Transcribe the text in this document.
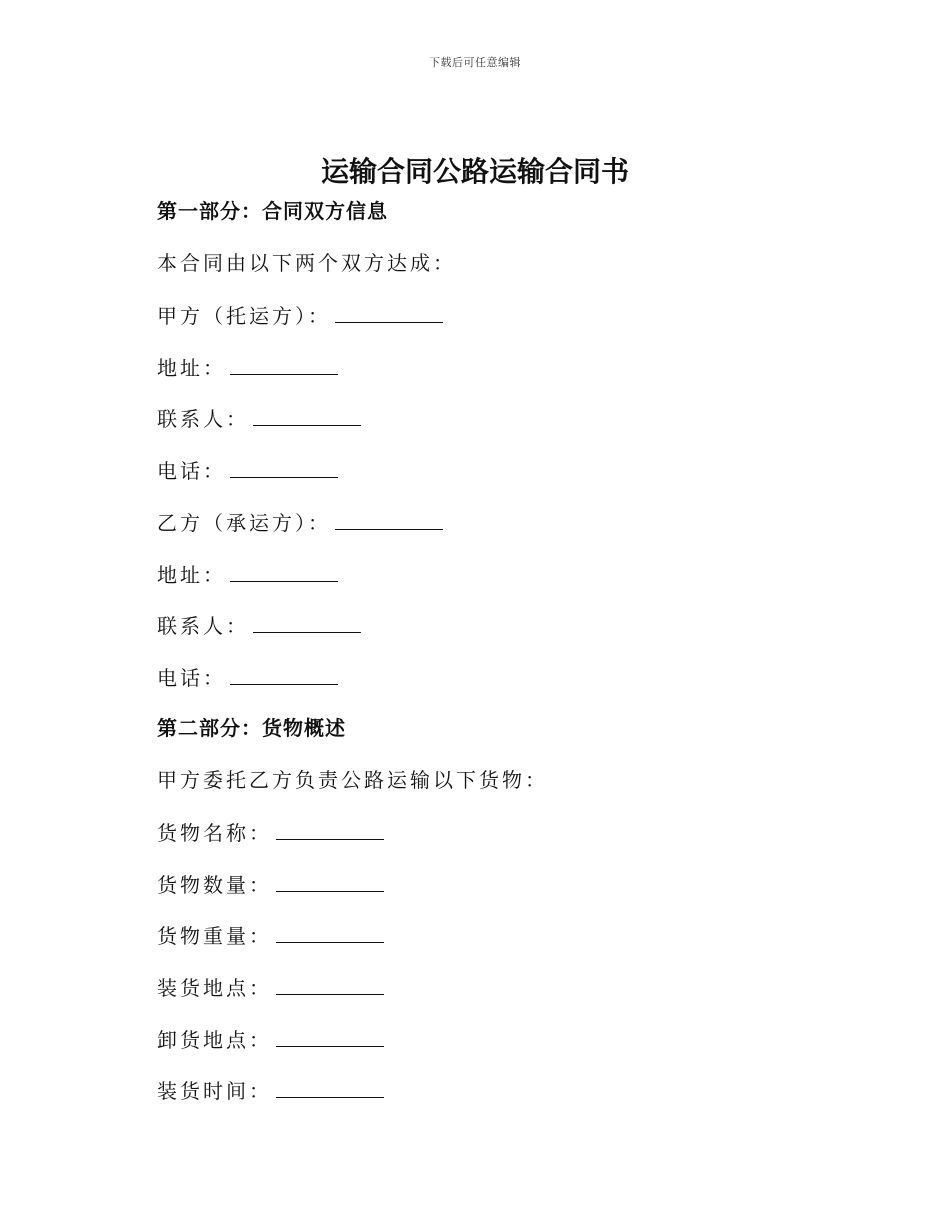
下载后可任意编辑
运输合同公路运输合同书
第一部分：合同双方信息
本合同由以下两个双方达成：
甲方（托运方）：
地址：
联系人：
电话：
乙方（承运方）：
地址：
联系人：
电话：
第二部分：货物概述
甲方委托乙方负责公路运输以下货物：
货物名称：
货物数量：
货物重量：
装货地点：
卸货地点：
装货时间：
